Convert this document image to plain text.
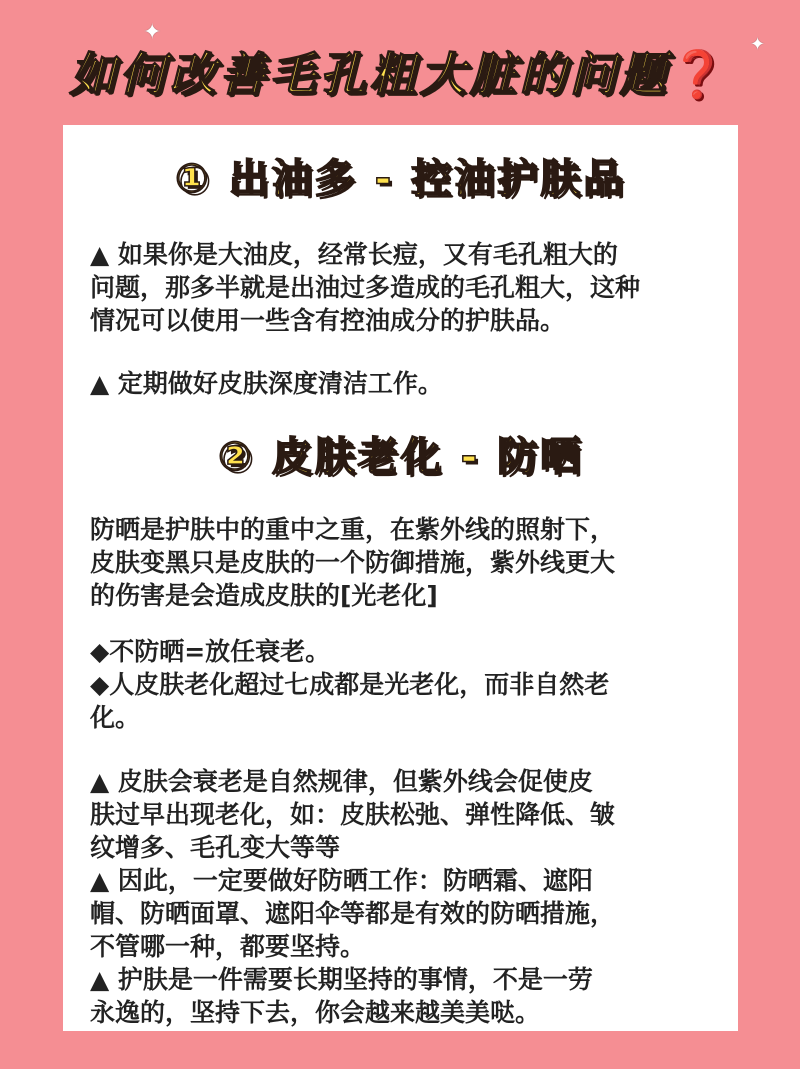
✦	✦
如何改善毛孔粗大脏的问题❓
① 出油多 - 控油护肤品
▲ 如果你是大油皮，经常长痘，又有毛孔粗大的
问题，那多半就是出油过多造成的毛孔粗大，这种
情况可以使用一些含有控油成分的护肤品。
▲ 定期做好皮肤深度清洁工作。
② 皮肤老化 - 防晒
防晒是护肤中的重中之重，在紫外线的照射下，
皮肤变黑只是皮肤的一个防御措施，紫外线更大
的伤害是会造成皮肤的[光老化]
◆不防晒=放任衰老。
◆人皮肤老化超过七成都是光老化，而非自然老
化。
▲ 皮肤会衰老是自然规律，但紫外线会促使皮
肤过早出现老化，如：皮肤松弛、弹性降低、皱
纹增多、毛孔变大等等
▲ 因此，一定要做好防晒工作：防晒霜、遮阳
帽、防晒面罩、遮阳伞等都是有效的防晒措施，
不管哪一种，都要坚持。
▲ 护肤是一件需要长期坚持的事情，不是一劳
永逸的，坚持下去，你会越来越美美哒。
